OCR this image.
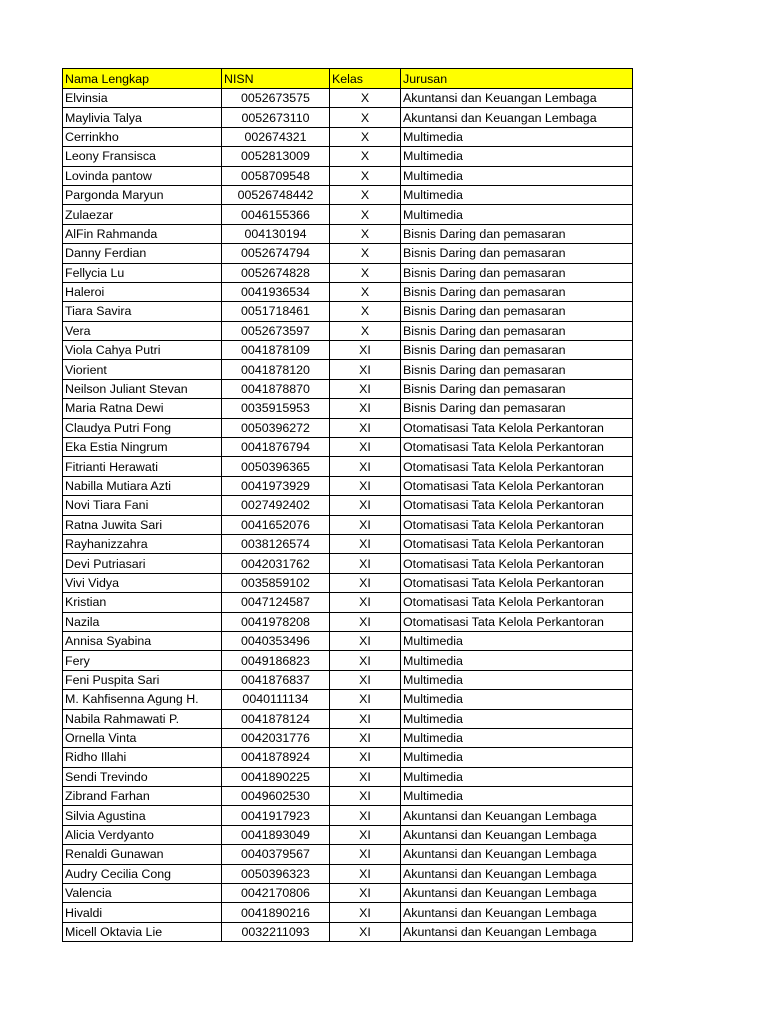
Nama Lengkap	NISN	Kelas	Jurusan
Elvinsia	0052673575	X	Akuntansi dan Keuangan Lembaga
Maylivia Talya	0052673110	X	Akuntansi dan Keuangan Lembaga
Cerrinkho	002674321	X	Multimedia
Leony Fransisca	0052813009	X	Multimedia
Lovinda pantow	0058709548	X	Multimedia
Pargonda Maryun	00526748442	X	Multimedia
Zulaezar	0046155366	X	Multimedia
AlFin Rahmanda	004130194	X	Bisnis Daring dan pemasaran
Danny Ferdian	0052674794	X	Bisnis Daring dan pemasaran
Fellycia Lu	0052674828	X	Bisnis Daring dan pemasaran
Haleroi	0041936534	X	Bisnis Daring dan pemasaran
Tiara Savira	0051718461	X	Bisnis Daring dan pemasaran
Vera	0052673597	X	Bisnis Daring dan pemasaran
Viola Cahya Putri	0041878109	XI	Bisnis Daring dan pemasaran
Viorient	0041878120	XI	Bisnis Daring dan pemasaran
Neilson Juliant Stevan	0041878870	XI	Bisnis Daring dan pemasaran
Maria Ratna Dewi	0035915953	XI	Bisnis Daring dan pemasaran
Claudya Putri Fong	0050396272	XI	Otomatisasi Tata Kelola Perkantoran
Eka Estia Ningrum	0041876794	XI	Otomatisasi Tata Kelola Perkantoran
Fitrianti Herawati	0050396365	XI	Otomatisasi Tata Kelola Perkantoran
Nabilla Mutiara Azti	0041973929	XI	Otomatisasi Tata Kelola Perkantoran
Novi Tiara Fani	0027492402	XI	Otomatisasi Tata Kelola Perkantoran
Ratna Juwita Sari	0041652076	XI	Otomatisasi Tata Kelola Perkantoran
Rayhanizzahra	0038126574	XI	Otomatisasi Tata Kelola Perkantoran
Devi Putriasari	0042031762	XI	Otomatisasi Tata Kelola Perkantoran
Vivi Vidya	0035859102	XI	Otomatisasi Tata Kelola Perkantoran
Kristian	0047124587	XI	Otomatisasi Tata Kelola Perkantoran
Nazila	0041978208	XI	Otomatisasi Tata Kelola Perkantoran
Annisa Syabina	0040353496	XI	Multimedia
Fery	0049186823	XI	Multimedia
Feni Puspita Sari	0041876837	XI	Multimedia
M. Kahfisenna Agung H.	0040111134	XI	Multimedia
Nabila Rahmawati P.	0041878124	XI	Multimedia
Ornella Vinta	0042031776	XI	Multimedia
Ridho Illahi	0041878924	XI	Multimedia
Sendi Trevindo	0041890225	XI	Multimedia
Zibrand Farhan	0049602530	XI	Multimedia
Silvia Agustina	0041917923	XI	Akuntansi dan Keuangan Lembaga
Alicia Verdyanto	0041893049	XI	Akuntansi dan Keuangan Lembaga
Renaldi Gunawan	0040379567	XI	Akuntansi dan Keuangan Lembaga
Audry Cecilia Cong	0050396323	XI	Akuntansi dan Keuangan Lembaga
Valencia	0042170806	XI	Akuntansi dan Keuangan Lembaga
Hivaldi	0041890216	XI	Akuntansi dan Keuangan Lembaga
Micell Oktavia Lie	0032211093	XI	Akuntansi dan Keuangan Lembaga
